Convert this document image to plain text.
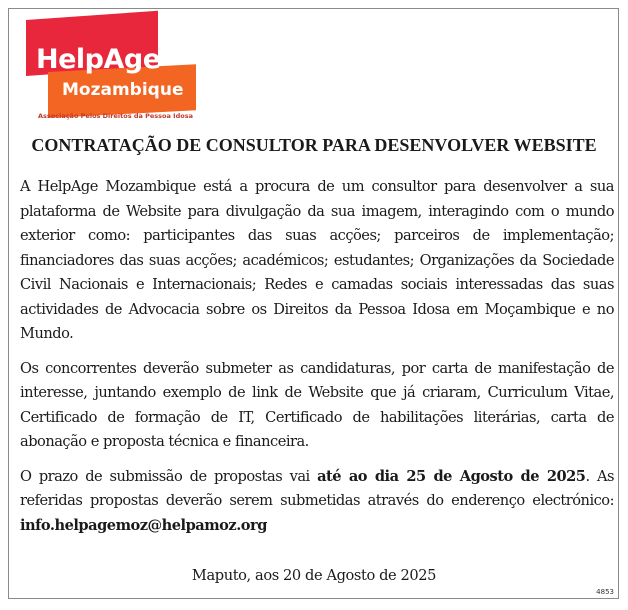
HelpAge
Mozambique
Associação Pelos Direitos da Pessoa Idosa
CONTRATAÇÃO DE CONSULTOR PARA DESENVOLVER WEBSITE

A HelpAge Mozambique está a procura de um consultor para desenvolver a sua plataforma de Website para divulgação da sua imagem, interagindo com o mundo exterior como: participantes das suas acções; parceiros de implementação; financiadores das suas acções; académicos; estudantes; Organizações da Sociedade Civil Nacionais e Internacionais; Redes e camadas sociais interessadas das suas actividades de Advocacia sobre os Direitos da Pessoa Idosa em Moçambique e no Mundo.

Os concorrentes deverão submeter as candidaturas, por carta de manifestação de interesse, juntando exemplo de link de Website que já criaram, Curriculum Vitae, Certificado de formação de IT, Certificado de habilitações literárias, carta de abonação e proposta técnica e financeira.

O prazo de submissão de propostas vai até ao dia 25 de Agosto de 2025. As referidas propostas deverão serem submetidas através do enderenço electrónico: info.helpagemoz@helpamoz.org

Maputo, aos 20 de Agosto de 2025
4853
